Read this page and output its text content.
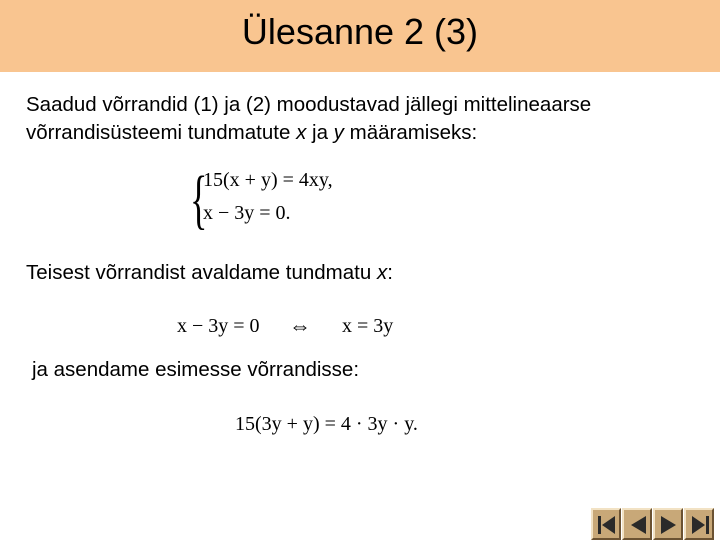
Ülesanne 2 (3)
Saadud võrrandid (1) ja (2) moodustavad jällegi mittelineaarse
võrrandisüsteemi tundmatute x ja y määramiseks:
{
15(x + y) = 4xy,
x − 3y = 0.
Teisest võrrandist avaldame tundmatu x:
x − 3y = 0 ⇔ x = 3y
ja asendame esimesse võrrandisse:
15(3y + y) = 4 · 3y · y.
